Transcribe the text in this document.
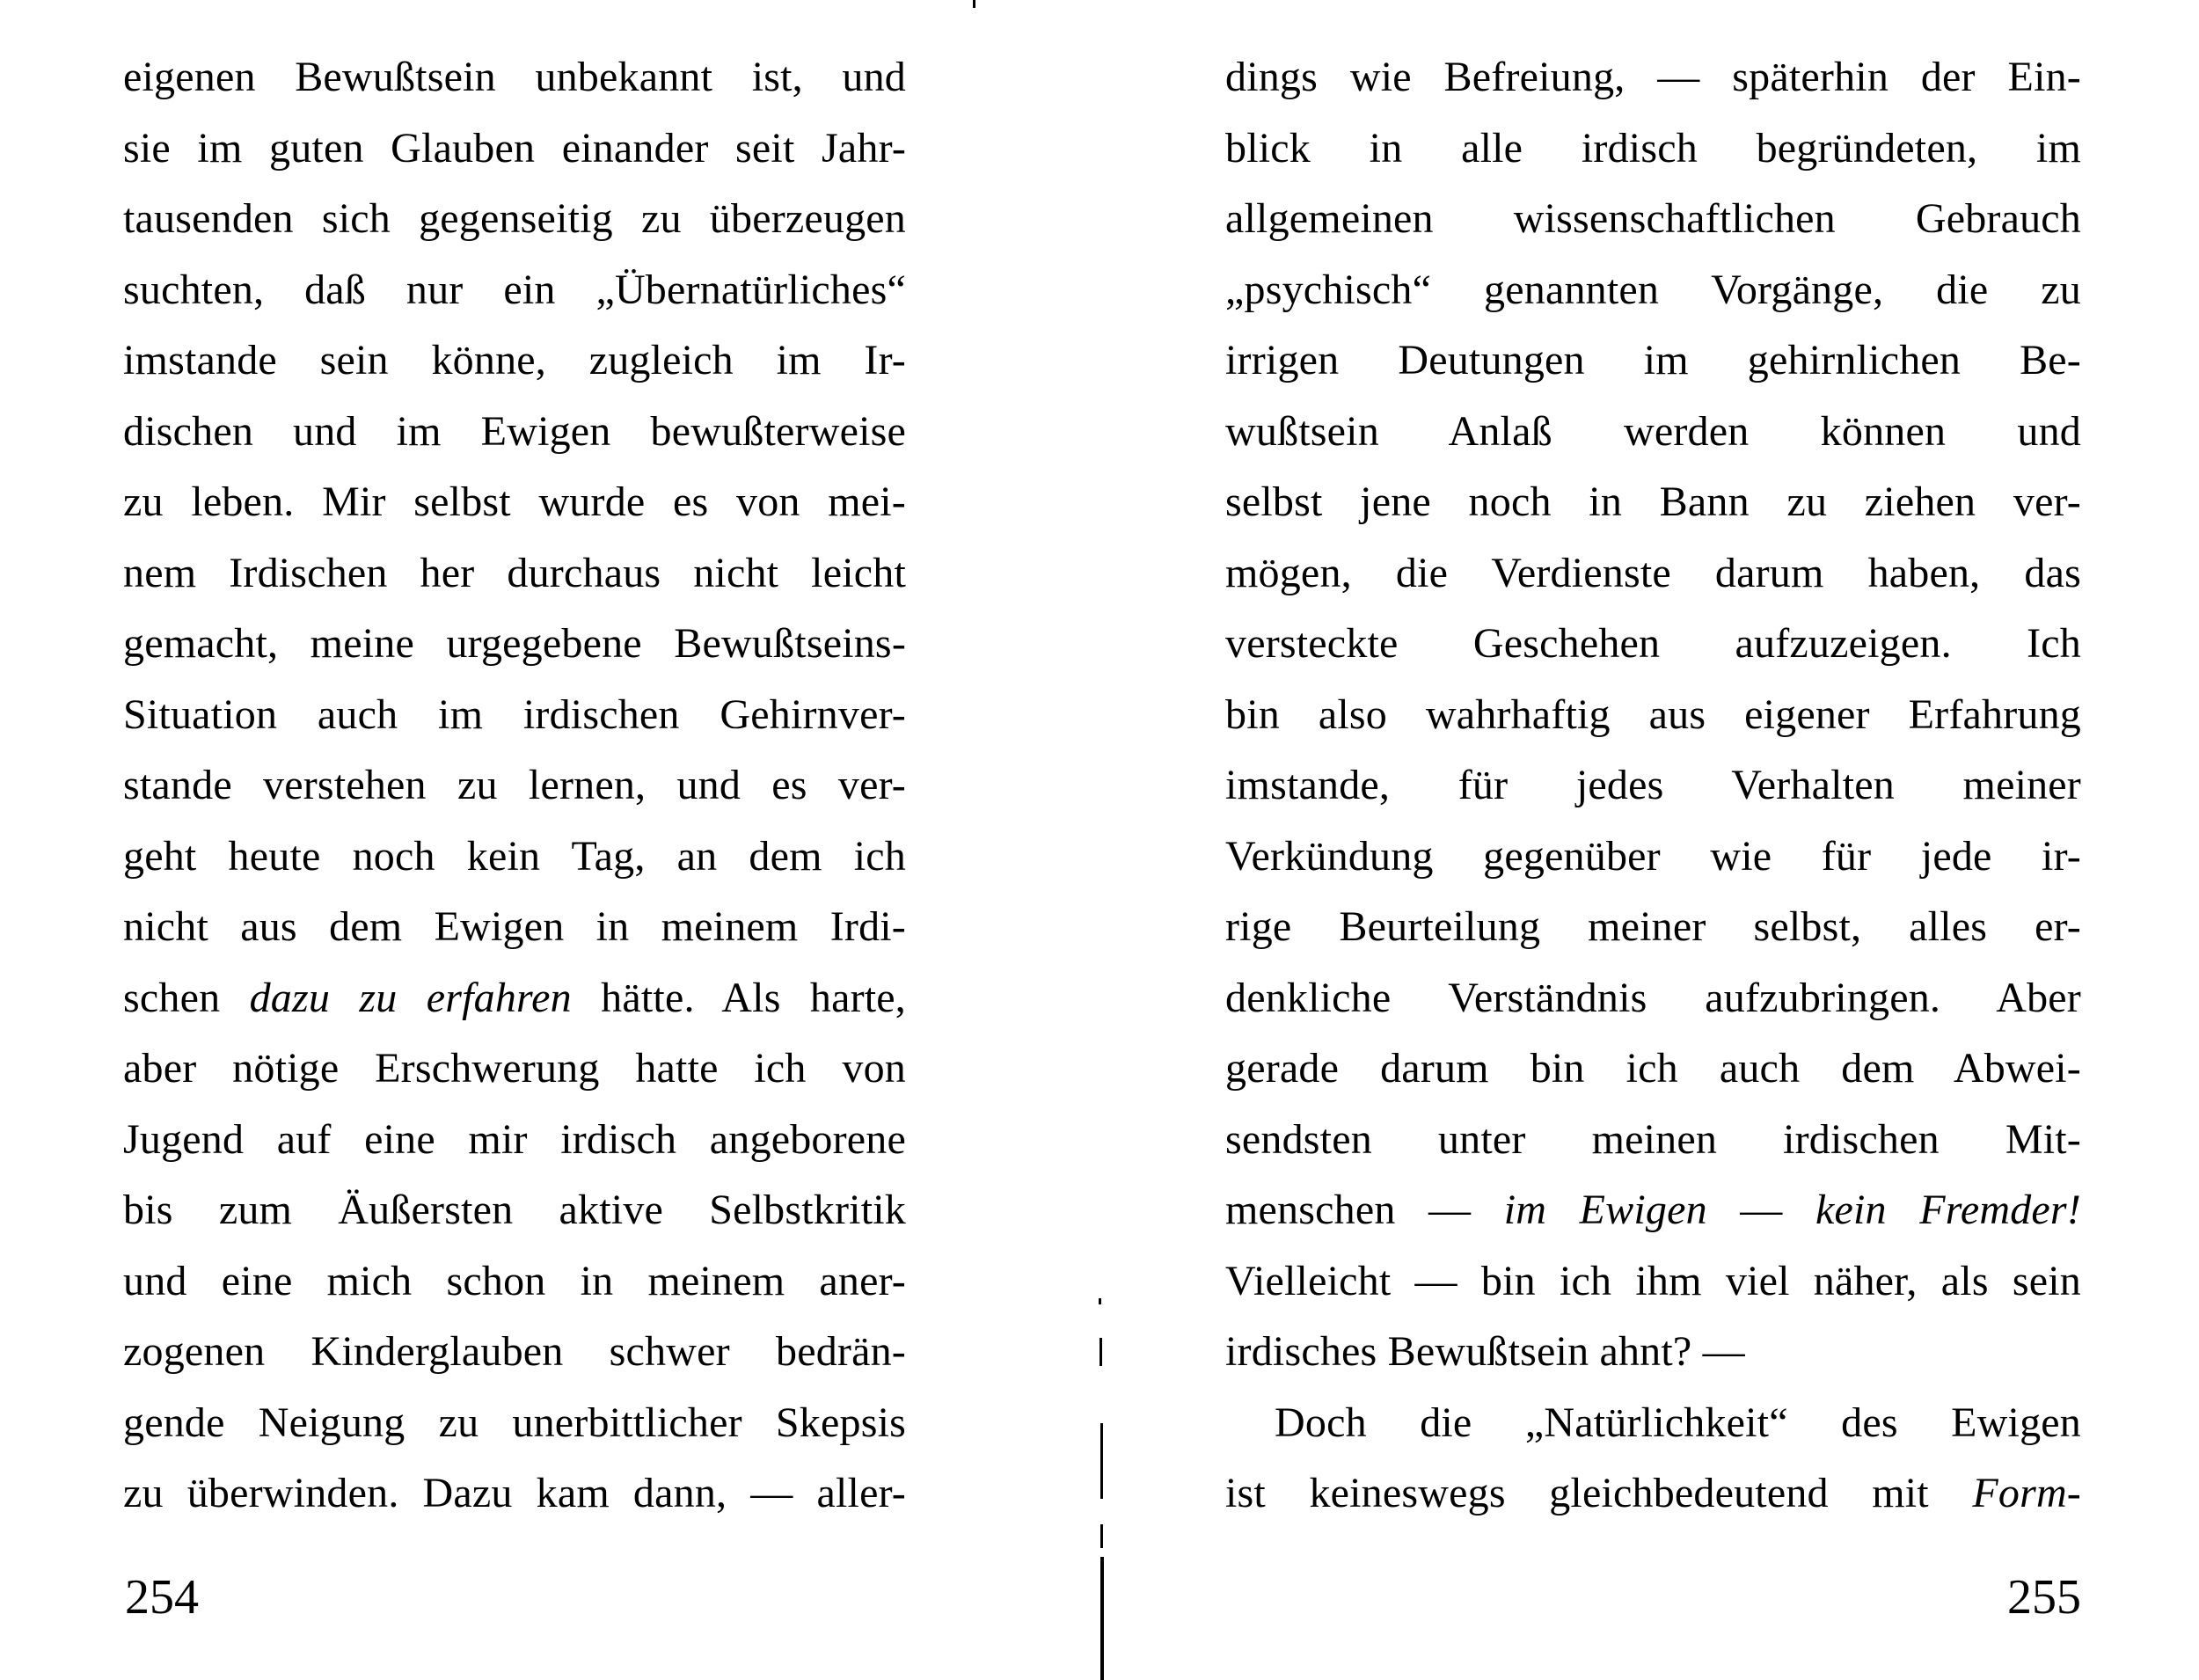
eigenen Bewußtsein unbekannt ist, und
sie im guten Glauben einander seit Jahr-
tausenden sich gegenseitig zu überzeugen
suchten, daß nur ein „Übernatürliches“
imstande sein könne, zugleich im Ir-
dischen und im Ewigen bewußterweise
zu leben. Mir selbst wurde es von mei-
nem Irdischen her durchaus nicht leicht
gemacht, meine urgegebene Bewußtseins-
Situation auch im irdischen Gehirnver-
stande verstehen zu lernen, und es ver-
geht heute noch kein Tag, an dem ich
nicht aus dem Ewigen in meinem Irdi-
schen dazu zu erfahren hätte. Als harte,
aber nötige Erschwerung hatte ich von
Jugend auf eine mir irdisch angeborene
bis zum Äußersten aktive Selbstkritik
und eine mich schon in meinem aner-
zogenen Kinderglauben schwer bedrän-
gende Neigung zu unerbittlicher Skepsis
zu überwinden. Dazu kam dann, — aller-
dings wie Befreiung, — späterhin der Ein-
blick in alle irdisch begründeten, im
allgemeinen wissenschaftlichen Gebrauch
„psychisch“ genannten Vorgänge, die zu
irrigen Deutungen im gehirnlichen Be-
wußtsein Anlaß werden können und
selbst jene noch in Bann zu ziehen ver-
mögen, die Verdienste darum haben, das
versteckte Geschehen aufzuzeigen. Ich
bin also wahrhaftig aus eigener Erfahrung
imstande, für jedes Verhalten meiner
Verkündung gegenüber wie für jede ir-
rige Beurteilung meiner selbst, alles er-
denkliche Verständnis aufzubringen. Aber
gerade darum bin ich auch dem Abwei-
sendsten unter meinen irdischen Mit-
menschen — im Ewigen — kein Fremder!
Vielleicht — bin ich ihm viel näher, als sein
irdisches Bewußtsein ahnt? —
Doch die „Natürlichkeit“ des Ewigen
ist keineswegs gleichbedeutend mit Form-
254	255
